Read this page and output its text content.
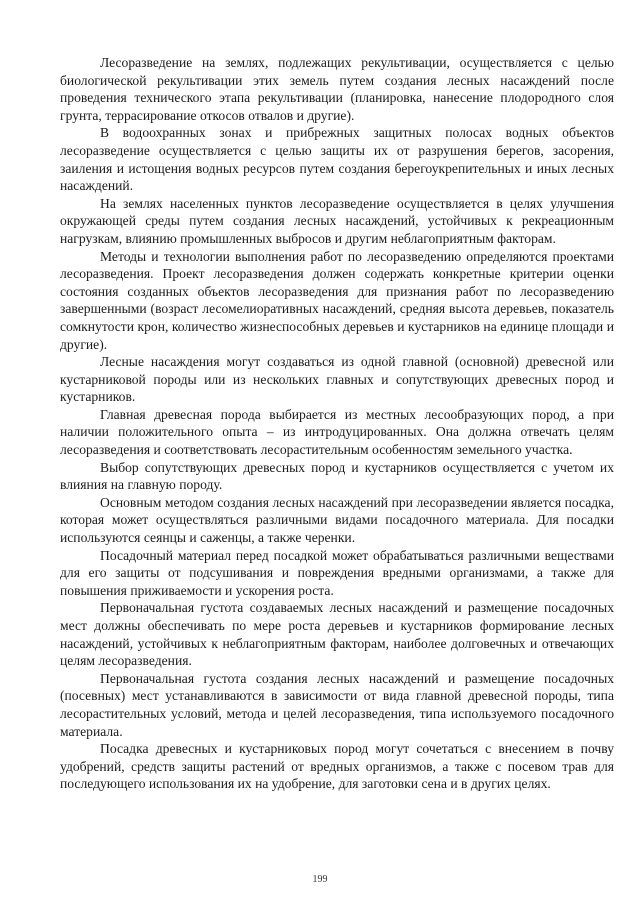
Лесоразведение на землях, подлежащих рекультивации, осуществляется с целью биологической рекультивации этих земель путем создания лесных насаждений после проведения технического этапа рекультивации (планировка, нанесение плодородного слоя грунта, террасирование откосов отвалов и другие).

В водоохранных зонах и прибрежных защитных полосах водных объектов лесоразведение осуществляется с целью защиты их от разрушения берегов, засорения, заиления и истощения водных ресурсов путем создания берегоукрепительных и иных лесных насаждений.

На землях населенных пунктов лесоразведение осуществляется в целях улучшения окружающей среды путем создания лесных насаждений, устойчивых к рекреационным нагрузкам, влиянию промышленных выбросов и другим неблагоприятным факторам.

Методы и технологии выполнения работ по лесоразведению определяются проектами лесоразведения. Проект лесоразведения должен содержать конкретные критерии оценки состояния созданных объектов лесоразведения для признания работ по лесоразведению завершенными (возраст лесомелиоративных насаждений, средняя высота деревьев, показатель сомкнутости крон, количество жизнеспособных деревьев и кустарников на единице площади и другие).

Лесные насаждения могут создаваться из одной главной (основной) древесной или кустарниковой породы или из нескольких главных и сопутствующих древесных пород и кустарников.

Главная древесная порода выбирается из местных лесообразующих пород, а при наличии положительного опыта – из интродуцированных. Она должна отвечать целям лесоразведения и соответствовать лесорастительным особенностям земельного участка.

Выбор сопутствующих древесных пород и кустарников осуществляется с учетом их влияния на главную породу.

Основным методом создания лесных насаждений при лесоразведении является посадка, которая может осуществляться различными видами посадочного материала. Для посадки используются сеянцы и саженцы, а также черенки.

Посадочный материал перед посадкой может обрабатываться различными веществами для его защиты от подсушивания и повреждения вредными организмами, а также для повышения приживаемости и ускорения роста.

Первоначальная густота создаваемых лесных насаждений и размещение посадочных мест должны обеспечивать по мере роста деревьев и кустарников формирование лесных насаждений, устойчивых к неблагоприятным факторам, наиболее долговечных и отвечающих целям лесоразведения.

Первоначальная густота создания лесных насаждений и размещение посадочных (посевных) мест устанавливаются в зависимости от вида главной древесной породы, типа лесорастительных условий, метода и целей лесоразведения, типа используемого посадочного материала.

Посадка древесных и кустарниковых пород могут сочетаться с внесением в почву удобрений, средств защиты растений от вредных организмов, а также с посевом трав для последующего использования их на удобрение, для заготовки сена и в других целях.

199
